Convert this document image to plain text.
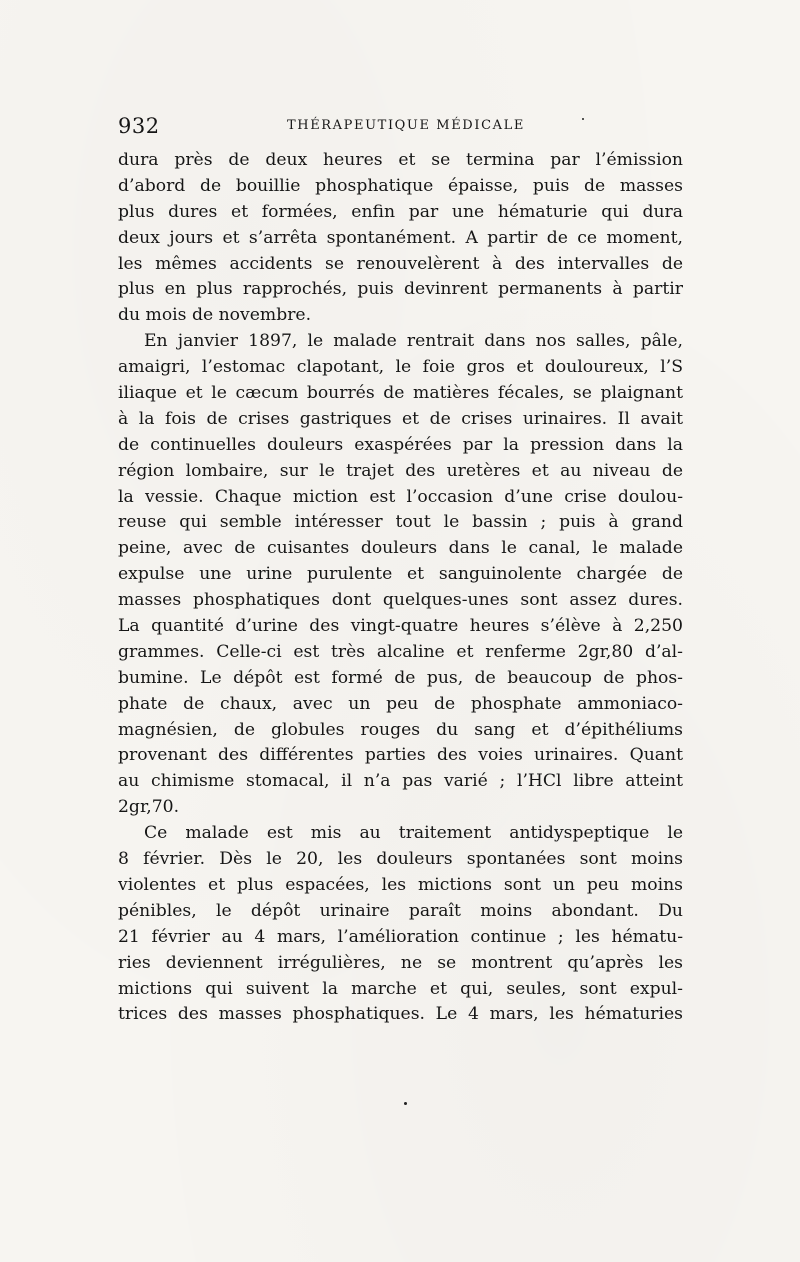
932	THÉRAPEUTIQUE MÉDICALE
dura près de deux heures et se termina par l’émission
d’abord de bouillie phosphatique épaisse, puis de masses
plus dures et formées, enfin par une hématurie qui dura
deux jours et s’arrêta spontanément. A partir de ce moment,
les mêmes accidents se renouvelèrent à des intervalles de
plus en plus rapprochés, puis devinrent permanents à partir
du mois de novembre.
En janvier 1897, le malade rentrait dans nos salles, pâle,
amaigri, l’estomac clapotant, le foie gros et douloureux, l’S
iliaque et le cæcum bourrés de matières fécales, se plaignant
à la fois de crises gastriques et de crises urinaires. Il avait
de continuelles douleurs exaspérées par la pression dans la
région lombaire, sur le trajet des uretères et au niveau de
la vessie. Chaque miction est l’occasion d’une crise doulou-
reuse qui semble intéresser tout le bassin ; puis à grand
peine, avec de cuisantes douleurs dans le canal, le malade
expulse une urine purulente et sanguinolente chargée de
masses phosphatiques dont quelques-unes sont assez dures.
La quantité d’urine des vingt-quatre heures s’élève à 2,250
grammes. Celle-ci est très alcaline et renferme 2gr,80 d’al-
bumine. Le dépôt est formé de pus, de beaucoup de phos-
phate de chaux, avec un peu de phosphate ammoniaco-
magnésien, de globules rouges du sang et d’épithéliums
provenant des différentes parties des voies urinaires. Quant
au chimisme stomacal, il n’a pas varié ; l’HCl libre atteint
2gr,70.
Ce malade est mis au traitement antidyspeptique le
8 février. Dès le 20, les douleurs spontanées sont moins
violentes et plus espacées, les mictions sont un peu moins
pénibles, le dépôt urinaire paraît moins abondant. Du
21 février au 4 mars, l’amélioration continue ; les hématu-
ries deviennent irrégulières, ne se montrent qu’après les
mictions qui suivent la marche et qui, seules, sont expul-
trices des masses phosphatiques. Le 4 mars, les hématuries
